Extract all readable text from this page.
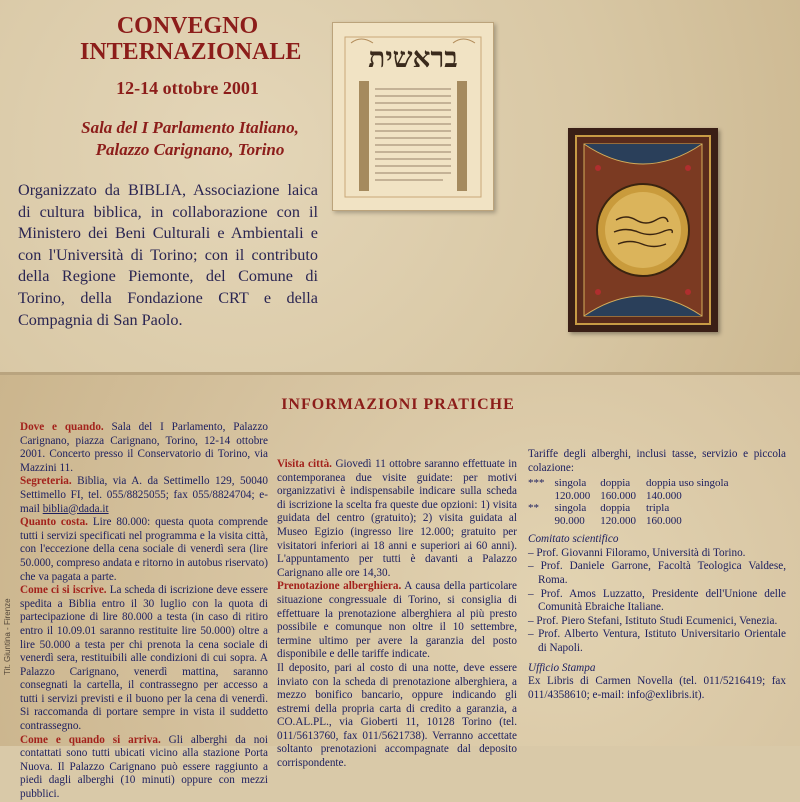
CONVEGNO
INTERNAZIONALE
12-14 ottobre 2001
Sala del I Parlamento Italiano,
Palazzo Carignano, Torino
Organizzato da BIBLIA, Associazione laica di cultura biblica, in collaborazione con il Ministero dei Beni Culturali e Ambientali e con l'Università di Torino; con il contributo della Regione Piemonte, del Comune di Torino, della Fondazione CRT e della Compagnia di San Paolo.
בראשית
Tit. Giuntina - Firenze
INFORMAZIONI PRATICHE

Dove e quando. Sala del I Parlamento, Palazzo Carignano, piazza Carignano, Torino, 12-14 ottobre 2001. Concerto presso il Conservatorio di Torino, via Mazzini 11.

Segreteria. Biblia, via A. da Settimello 129, 50040 Settimello FI, tel. 055/8825055; fax 055/8824704; e-mail biblia@dada.it

Quanto costa. Lire 80.000: questa quota comprende tutti i servizi specificati nel programma e la visita città, con l'eccezione della cena sociale di venerdì sera (lire 50.000, compreso andata e ritorno in autobus riservato) che va pagata a parte.

Come ci si iscrive. La scheda di iscrizione deve essere spedita a Biblia entro il 30 luglio con la quota di partecipazione di lire 80.000 a testa (in caso di ritiro entro il 10.09.01 saranno restituite lire 50.000) oltre a lire 50.000 a testa per chi prenota la cena sociale di venerdì sera, restituibili alle condizioni di cui sopra. A Palazzo Carignano, venerdì mattina, saranno consegnati la cartella, il contrassegno per accesso a tutti i servizi previsti e il buono per la cena di venerdì. Si raccomanda di portare sempre in vista il suddetto contrassegno.

Come e quando si arriva. Gli alberghi da noi contattati sono tutti ubicati vicino alla stazione Porta Nuova. Il Palazzo Carignano può essere raggiunto a piedi dagli alberghi (10 minuti) oppure con mezzi pubblici.

Visita città. Giovedì 11 ottobre saranno effettuate in contemporanea due visite guidate: per motivi organizzativi è indispensabile indicare sulla scheda di iscrizione la scelta fra queste due opzioni: 1) visita guidata del centro (gratuito); 2) visita guidata al Museo Egizio (ingresso lire 12.000; gratuito per visitatori inferiori ai 18 anni e superiori ai 60 anni). L'appuntamento per tutti è davanti a Palazzo Carignano alle ore 14,30.

Prenotazione alberghiera. A causa della particolare situazione congressuale di Torino, si consiglia di effettuare la prenotazione alberghiera al più presto possibile e comunque non oltre il 10 settembre, termine ultimo per avere la garanzia del posto disponibile e delle tariffe indicate.

Il deposito, pari al costo di una notte, deve essere inviato con la scheda di prenotazione alberghiera, a mezzo bonifico bancario, oppure indicando gli estremi della propria carta di credito a garanzia, a CO.AL.PL., via Gioberti 11, 10128 Torino (tel. 011/5613760, fax 011/5621738). Verranno accettate soltanto prenotazioni accompagnate dal deposito corrispondente.

Tariffe degli alberghi, inclusi tasse, servizio e piccola colazione:

***	singola	doppia	doppia uso singola
	120.000	160.000	140.000
**	singola	doppia	tripla
	90.000	120.000	160.000

Comitato scientifico

– Prof. Giovanni Filoramo, Università di Torino.

– Prof. Daniele Garrone, Facoltà Teologica Valdese, Roma.

– Prof. Amos Luzzatto, Presidente dell'Unione delle Comunità Ebraiche Italiane.

– Prof. Piero Stefani, Istituto Studi Ecumenici, Venezia.

– Prof. Alberto Ventura, Istituto Universitario Orientale di Napoli.

Ufficio Stampa

Ex Libris di Carmen Novella (tel. 011/5216419; fax 011/4358610; e-mail: info@exlibris.it).
